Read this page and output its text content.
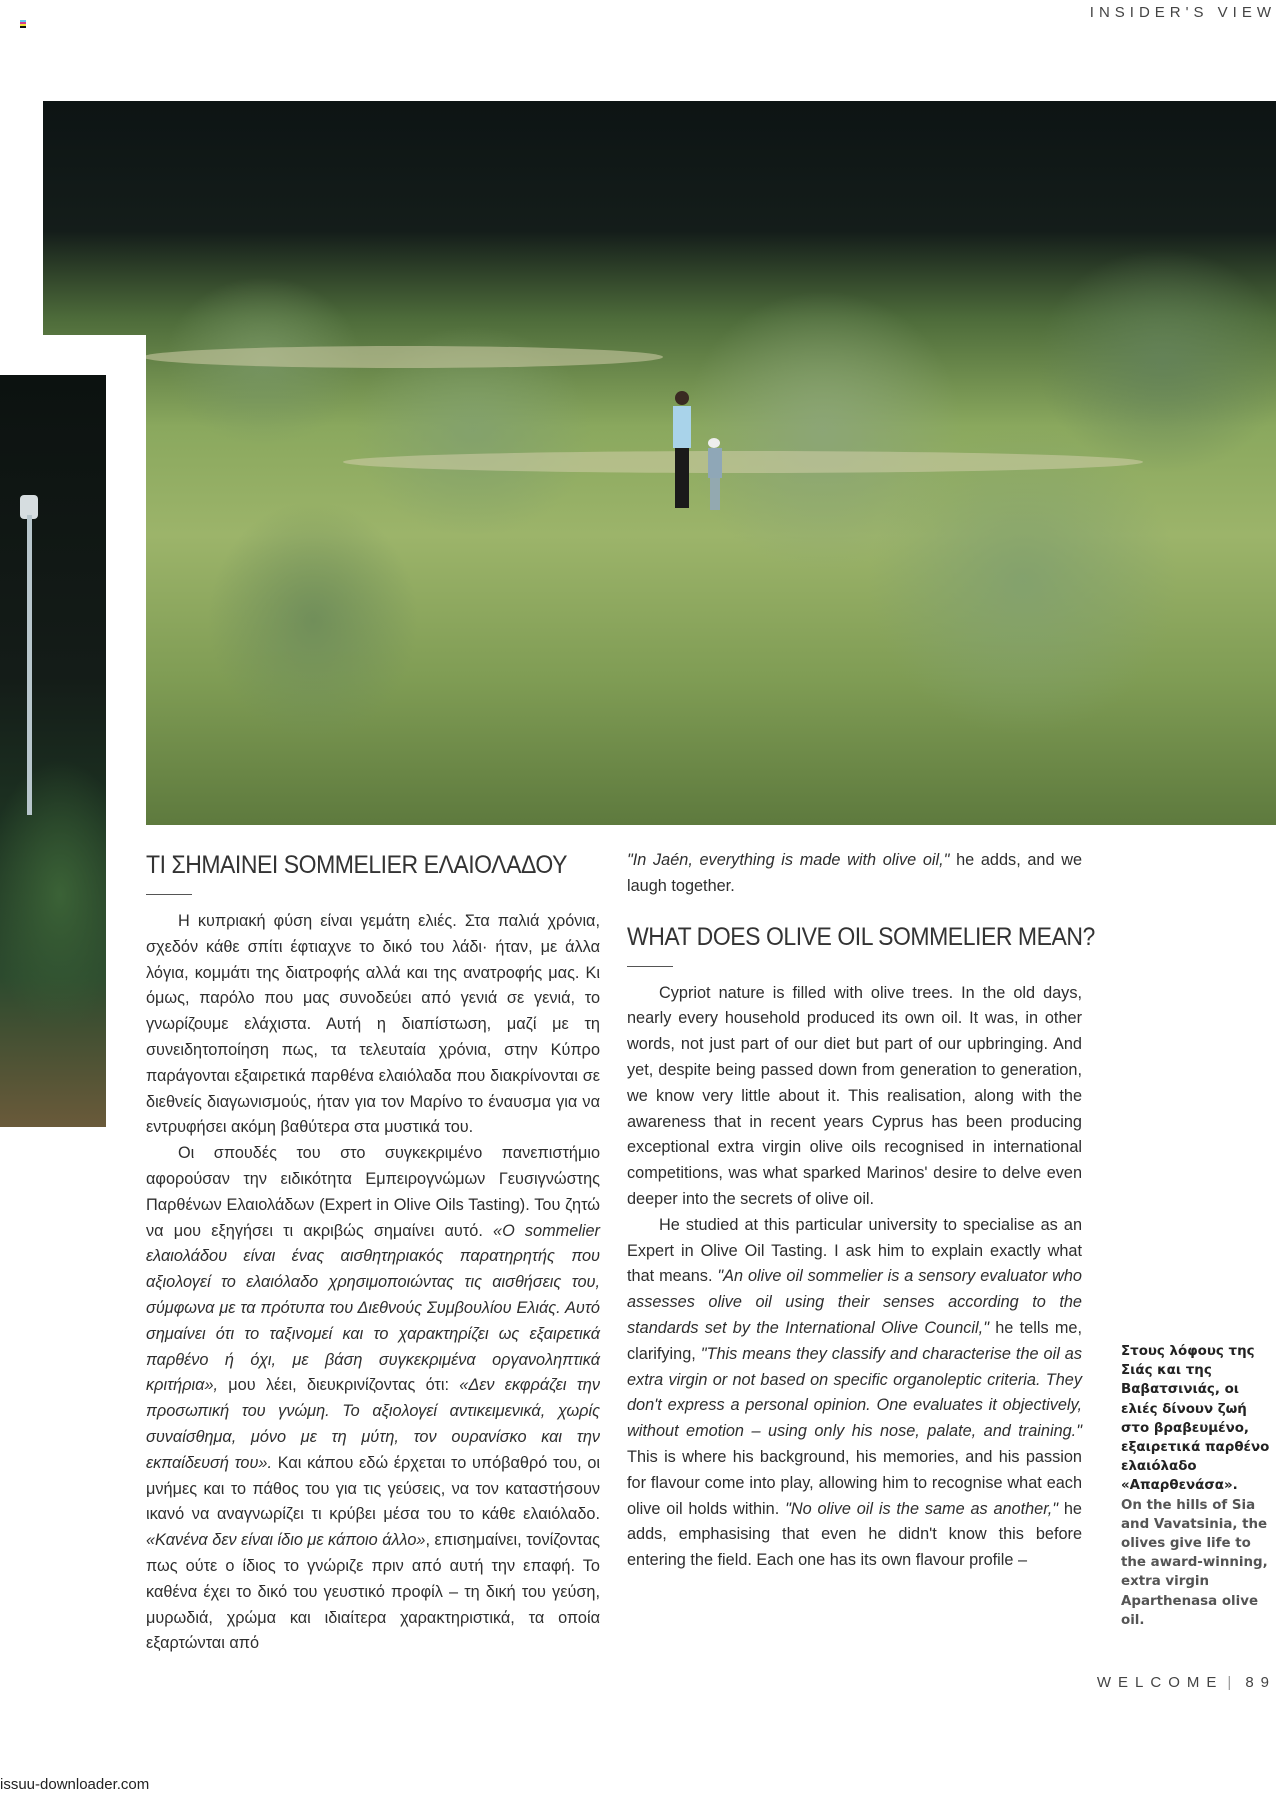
INSIDER'S VIEW
ΤΙ ΣΗΜΑΙΝΕΙ SOMMELIER ΕΛΑΙΟΛΑΔΟΥ

Η κυπριακή φύση είναι γεμάτη ελιές. Στα παλιά χρόνια, σχεδόν κάθε σπίτι έφτιαχνε το δικό του λάδι· ήταν, με άλλα λόγια, κομμάτι της διατροφής αλλά και της ανατροφής μας. Κι όμως, παρόλο που μας συνοδεύει από γενιά σε γενιά, το γνωρίζουμε ελάχιστα. Αυτή η διαπίστωση, μαζί με τη συνειδητοποίηση πως, τα τελευταία χρόνια, στην Κύπρο παράγονται εξαιρετικά παρθένα ελαιόλαδα που διακρίνονται σε διεθνείς διαγωνισμούς, ήταν για τον Μαρίνο το έναυσμα για να εντρυφήσει ακόμη βαθύτερα στα μυστικά του.

Οι σπουδές του στο συγκεκριμένο πανεπιστήμιο αφορούσαν την ειδικότητα Εμπειρογνώμων Γευσιγνώστης Παρθένων Ελαιολάδων (Expert in Olive Oils Tasting). Του ζητώ να μου εξηγήσει τι ακριβώς σημαίνει αυτό. «Ο sommelier ελαιολάδου είναι ένας αισθητηριακός παρατηρητής που αξιολογεί το ελαιόλαδο χρησιμοποιώντας τις αισθήσεις του, σύμφωνα με τα πρότυπα του Διεθνούς Συμβουλίου Ελιάς. Αυτό σημαίνει ότι το ταξινομεί και το χαρακτηρίζει ως εξαιρετικά παρθένο ή όχι, με βάση συγκεκριμένα οργανοληπτικά κριτήρια», μου λέει, διευκρινίζοντας ότι: «Δεν εκφράζει την προσωπική του γνώμη. Το αξιολογεί αντικειμενικά, χωρίς συναίσθημα, μόνο με τη μύτη, τον ουρανίσκο και την εκπαίδευσή του». Και κάπου εδώ έρχεται το υπόβαθρό του, οι μνήμες και το πάθος του για τις γεύσεις, να τον καταστήσουν ικανό να αναγνωρίζει τι κρύβει μέσα του το κάθε ελαιόλαδο. «Κανένα δεν είναι ίδιο με κάποιο άλλο», επισημαίνει, τονίζοντας πως ούτε ο ίδιος το γνώριζε πριν από αυτή την επαφή. Το καθένα έχει το δικό του γευστικό προφίλ – τη δική του γεύση, μυρωδιά, χρώμα και ιδιαίτερα χαρακτηριστικά, τα οποία εξαρτώνται από

"In Jaén, everything is made with olive oil," he adds, and we laugh together.

WHAT DOES OLIVE OIL SOMMELIER MEAN?

Cypriot nature is filled with olive trees. In the old days, nearly every household produced its own oil. It was, in other words, not just part of our diet but part of our upbringing. And yet, despite being passed down from generation to generation, we know very little about it. This realisation, along with the awareness that in recent years Cyprus has been producing exceptional extra virgin olive oils recognised in international competitions, was what sparked Marinos' desire to delve even deeper into the secrets of olive oil.

He studied at this particular university to specialise as an Expert in Olive Oil Tasting. I ask him to explain exactly what that means. "An olive oil sommelier is a sensory evaluator who assesses olive oil using their senses according to the standards set by the International Olive Council," he tells me, clarifying, "This means they classify and characterise the oil as extra virgin or not based on specific organoleptic criteria. They don't express a personal opinion. One evaluates it objectively, without emotion – using only his nose, palate, and training." This is where his background, his memories, and his passion for flavour come into play, allowing him to recognise what each olive oil holds within. "No olive oil is the same as another," he adds, emphasising that even he didn't know this before entering the field. Each one has its own flavour profile –

Στους λόφους της Σιάς και της Βαβατσινιάς, οι ελιές δίνουν ζωή στο βραβευμένο, εξαιρετικά παρθένο ελαιόλαδο «Απαρθενάσα».
On the hills of Sia and Vavatsinia, the olives give life to the award-winning, extra virgin Aparthenasa olive oil.
WELCOME | 89
issuu-downloader.com
